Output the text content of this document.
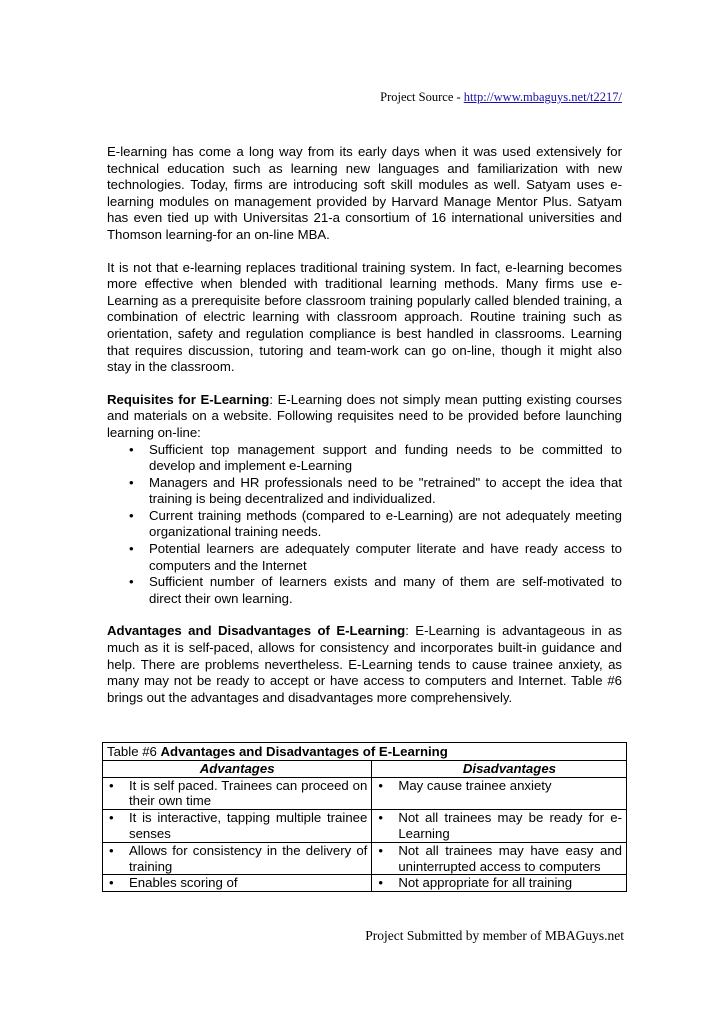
Project Source - http://www.mbaguys.net/t2217/

E-learning has come a long way from its early days when it was used extensively for technical education such as learning new languages and familiarization with new technologies. Today, firms are introducing soft skill modules as well. Satyam uses e-learning modules on management provided by Harvard Manage Mentor Plus. Satyam has even tied up with Universitas 21-a consortium of 16 international universities and Thomson learning-for an on-line MBA.

It is not that e-learning replaces traditional training system. In fact, e-learning becomes more effective when blended with traditional learning methods. Many firms use e-Learning as a prerequisite before classroom training popularly called blended training, a combination of electric learning with classroom approach. Routine training such as orientation, safety and regulation compliance is best handled in classrooms. Learning that requires discussion, tutoring and team-work can go on-line, though it might also stay in the classroom.

Requisites for E-Learning: E-Learning does not simply mean putting existing courses and materials on a website. Following requisites need to be provided before launching learning on-line:

• Sufficient top management support and funding needs to be committed to develop and implement e-Learning
• Managers and HR professionals need to be "retrained" to accept the idea that training is being decentralized and individualized.
• Current training methods (compared to e-Learning) are not adequately meeting organizational training needs.
• Potential learners are adequately computer literate and have ready access to computers and the Internet
• Sufficient number of learners exists and many of them are self-motivated to direct their own learning.

Advantages and Disadvantages of E-Learning: E-Learning is advantageous in as much as it is self-paced, allows for consistency and incorporates built-in guidance and help. There are problems nevertheless. E-Learning tends to cause trainee anxiety, as many may not be ready to accept or have access to computers and Internet. Table #6 brings out the advantages and disadvantages more comprehensively.

Table #6 Advantages and Disadvantages of E-Learning	
Advantages	Disadvantages

• It is self paced. Trainees can proceed on their own time	• May cause trainee anxiety

• It is interactive, tapping multiple trainee senses	• Not all trainees may be ready for e-Learning

• Allows for consistency in the delivery of training	• Not all trainees may have easy and uninterrupted access to computers

• Enables scoring of	• Not appropriate for all training
Project Submitted by member of MBAGuys.net
